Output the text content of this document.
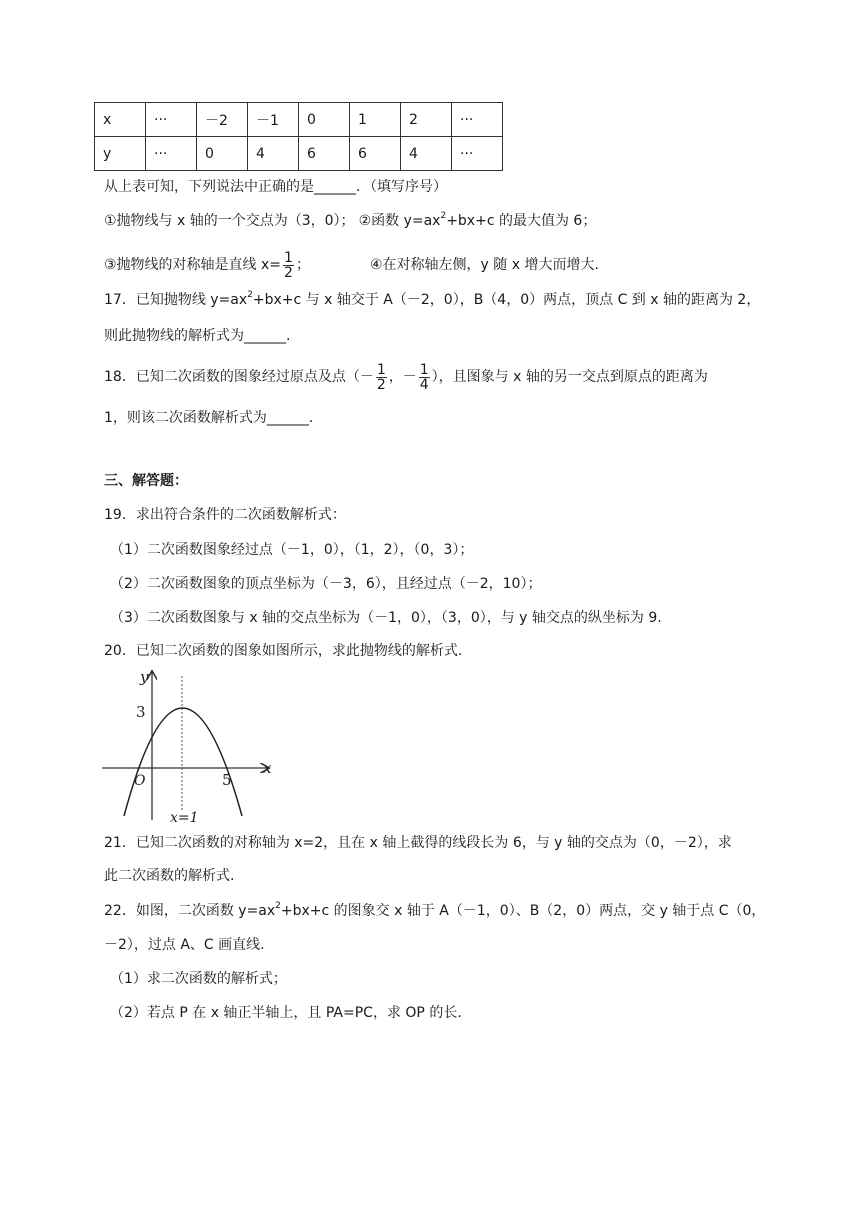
x	···	－2	－1	0	1	2	···
y	···	0	4	6	6	4	···
从上表可知，下列说法中正确的是______．（填写序号）
①抛物线与 x 轴的一个交点为（3，0）； ②函数 $y=ax^2+bx+c$ 的最大值为 6；
③抛物线的对称轴是直线 $x= \frac{1}{2}$ ；	④在对称轴左侧，y 随 x 增大而增大.
17．已知抛物线 $y=ax^2+bx+c$ 与 x 轴交于 A（－2，0），B（4，0）两点，顶点 C 到 x 轴的距离为 2，
则此抛物线的解析式为______.
18．已知二次函数的图象经过原点及点（－ $\frac{1}{2}$ ，－ $\frac{1}{4}$ ），且图象与 x 轴的另一交点到原点的距离为
1，则该二次函数解析式为______.
三、解答题：
19．求出符合条件的二次函数解析式：
（1）二次函数图象经过点（－1，0），（1，2），（0，3）；
（2）二次函数图象的顶点坐标为（－3，6），且经过点（－2，10）；
（3）二次函数图象与 x 轴的交点坐标为（－1，0），（3，0），与 y 轴交点的纵坐标为 9.
20．已知二次函数的图象如图所示，求此抛物线的解析式.
y
x
O
3
5
x=1
21．已知二次函数的对称轴为 x=2，且在 x 轴上截得的线段长为 6，与 y 轴的交点为（0，－2），求
此二次函数的解析式.
22．如图，二次函数 $y=ax^2+bx+c$ 的图象交 x 轴于 A（－1，0）、B（2，0）两点，交 y 轴于点 C（0，
－2），过点 A、C 画直线.
（1）求二次函数的解析式；
（2）若点 P 在 x 轴正半轴上，且 PA=PC，求 OP 的长.
